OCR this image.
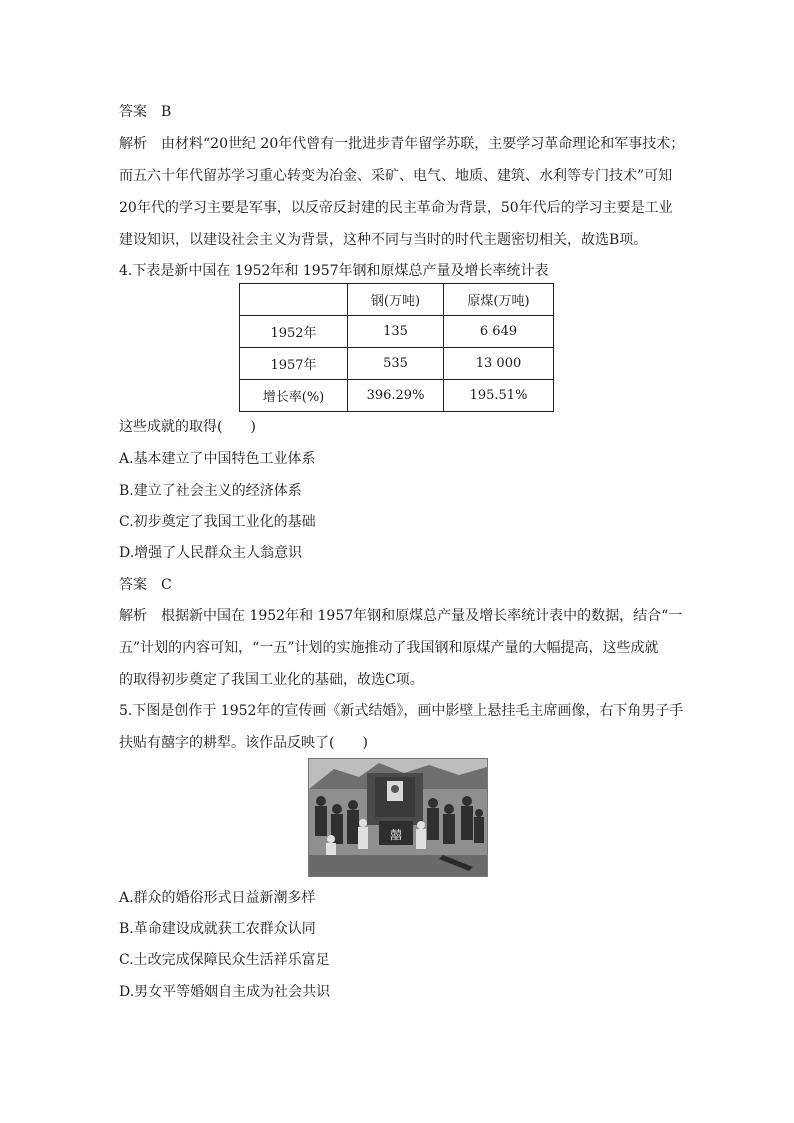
答案 B
解析 由材料“20世纪 20年代曾有一批进步青年留学苏联，主要学习革命理论和军事技术；
而五六十年代留苏学习重心转变为冶金、采矿、电气、地质、建筑、水利等专门技术”可知
20年代的学习主要是军事，以反帝反封建的民主革命为背景，50年代后的学习主要是工业
建设知识，以建设社会主义为背景，这种不同与当时的时代主题密切相关，故选B项。
4.下表是新中国在 1952年和 1957年钢和原煤总产量及增长率统计表
	钢(万吨)	原煤(万吨)
1952年	135	6 649
1957年	535	13 000
增长率(%)	396.29%	195.51%
这些成就的取得(　　)
A.基本建立了中国特色工业体系
B.建立了社会主义的经济体系
C.初步奠定了我国工业化的基础
D.增强了人民群众主人翁意识
答案 C
解析 根据新中国在 1952年和 1957年钢和原煤总产量及增长率统计表中的数据，结合“一
五”计划的内容可知，“一五”计划的实施推动了我国钢和原煤产量的大幅提高，这些成就
的取得初步奠定了我国工业化的基础，故选C项。
5.下图是创作于 1952年的宣传画《新式结婚》，画中影壁上悬挂毛主席画像，右下角男子手
扶贴有囍字的耕犁。该作品反映了(　　)
囍
A.群众的婚俗形式日益新潮多样
B.革命建设成就获工农群众认同
C.土改完成保障民众生活祥乐富足
D.男女平等婚姻自主成为社会共识
